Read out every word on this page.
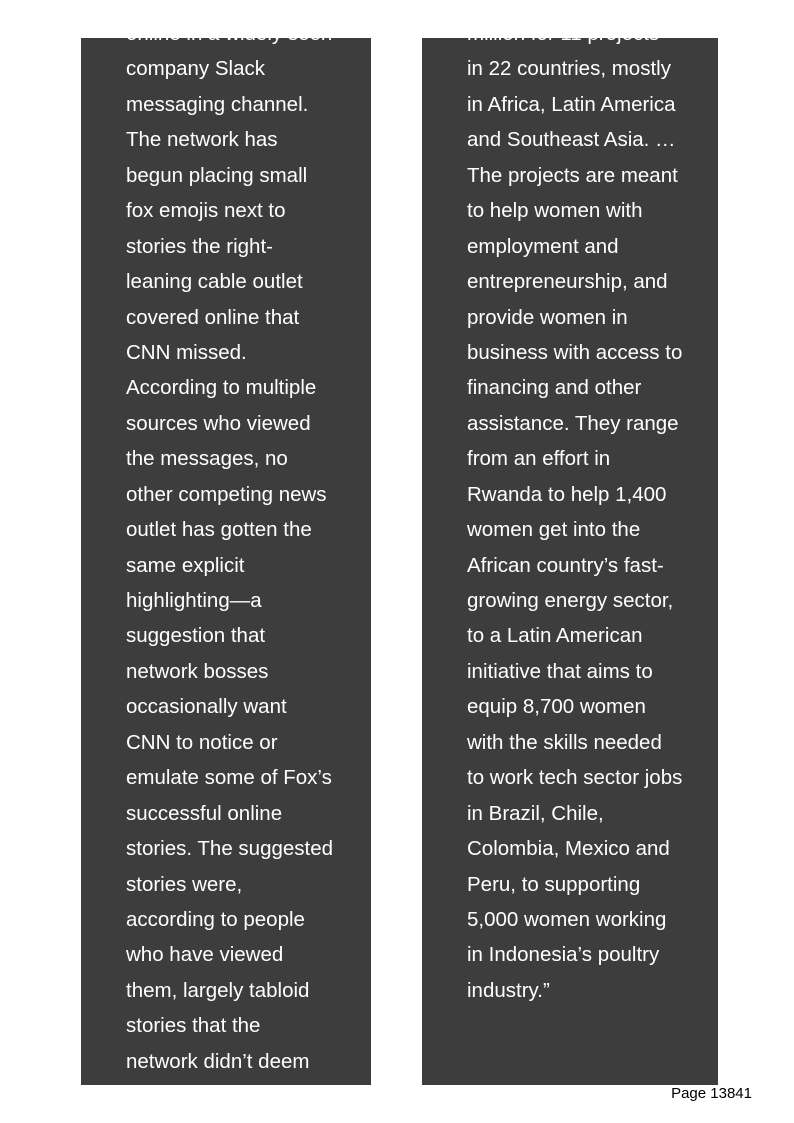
online in a widely seen
company Slack
messaging channel.
The network has
begun placing small
fox emojis next to
stories the right-
leaning cable outlet
covered online that
CNN missed.
According to multiple
sources who viewed
the messages, no
other competing news
outlet has gotten the
same explicit
highlighting—a
suggestion that
network bosses
occasionally want
CNN to notice or
emulate some of Fox’s
successful online
stories. The suggested
stories were,
according to people
who have viewed
them, largely tabloid
stories that the
network didn’t deem
million for 11 projects
in 22 countries, mostly
in Africa, Latin America
and Southeast Asia. …
The projects are meant
to help women with
employment and
entrepreneurship, and
provide women in
business with access to
financing and other
assistance. They range
from an effort in
Rwanda to help 1,400
women get into the
African country’s fast-
growing energy sector,
to a Latin American
initiative that aims to
equip 8,700 women
with the skills needed
to work tech sector jobs
in Brazil, Chile,
Colombia, Mexico and
Peru, to supporting
5,000 women working
in Indonesia’s poultry
industry.”
Page 13841
